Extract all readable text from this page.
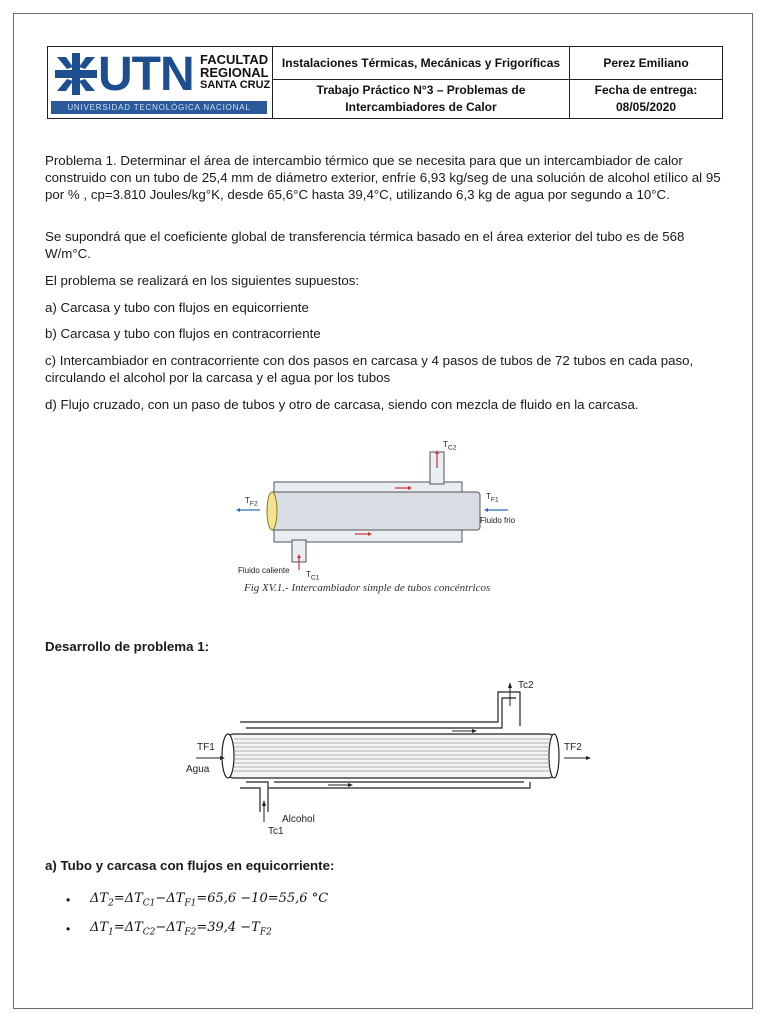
UTN FACULTAD
REGIONAL
SANTA CRUZ
UNIVERSIDAD TECNOLÓGICA NACIONAL
Instalaciones Térmicas, Mecánicas y Frigoríficas	Perez Emiliano
Trabajo Práctico N°3 – Problemas de
Intercambiadores de Calor
Fecha de entrega:
08/05/2020
Problema 1. Determinar el área de intercambio térmico que se necesita para que un intercambiador de calor construido con un tubo de 25,4 mm de diámetro exterior, enfríe 6,93 kg/seg de una solución de alcohol etílico al 95 por % , cp=3.810 Joules/kg°K, desde 65,6°C hasta 39,4°C, utilizando 6,3 kg de agua por segundo a 10°C.
Se supondrá que el coeficiente global de transferencia térmica basado en el área exterior del tubo es de 568 W/m°C.
El problema se realizará en los siguientes supuestos:
a) Carcasa y tubo con flujos en equicorriente
b) Carcasa y tubo con flujos en contracorriente
c) Intercambiador en contracorriente con dos pasos en carcasa y 4 pasos de tubos de 72 tubos en cada paso, circulando el alcohol por la carcasa y el agua por los tubos
d) Flujo cruzado, con un paso de tubos y otro de carcasa, siendo con mezcla de fluido en la carcasa.
$T_{C2}$
$T_{F2}$
$T_{F1}$
Fluido frio
Fluido caliente $T_{C1}$
Fig XV.1.- Intercambiador simple de tubos concéntricos
Desarrollo de problema 1:
Tc2
TF1
Agua
TF2
Alcohol
Tc1
a) Tubo y carcasa con flujos en equicorriente:
• $\Delta T_2=\Delta T_{C1}-\Delta T_{F1}=65,6 -10=55,6$ °C
• $\Delta T_1=\Delta T_{C2}-\Delta T_{F2}=39,4 -T_{F2}$
